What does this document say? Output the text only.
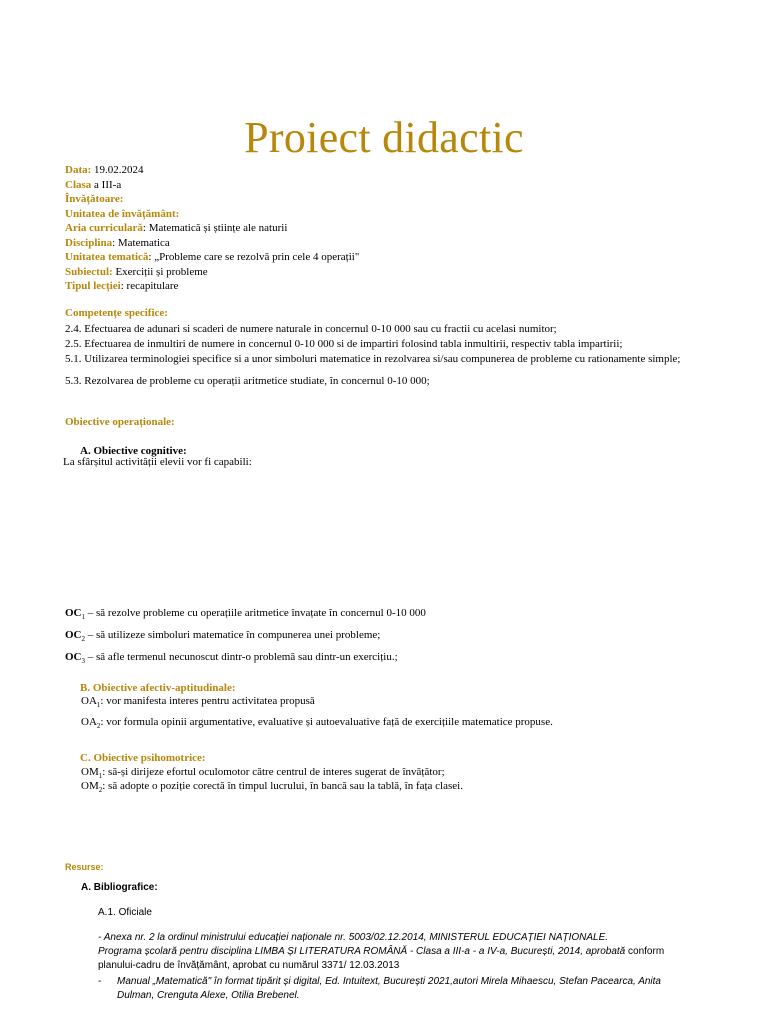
Proiect didactic
Data: 19.02.2024
Clasa a III-a
Învățătoare:
Unitatea de învățământ:
Aria curriculară: Matematică și științe ale naturii
Disciplina: Matematica
Unitatea tematică: „Probleme care se rezolvă prin cele 4 operații"
Subiectul: Exerciții și probleme
Tipul lecției: recapitulare
Competențe specifice:
2.4. Efectuarea de adunari si scaderi de numere naturale in concernul 0-10 000 sau cu fractii cu acelasi numitor;
2.5. Efectuarea de inmultiri de numere in concernul 0-10 000 si de impartiri folosind tabla inmultirii, respectiv tabla impartirii;
5.1. Utilizarea terminologiei specifice si a unor simboluri matematice in rezolvarea si/sau compunerea de probleme cu rationamente simple;
5.3. Rezolvarea de probleme cu operații aritmetice studiate, în concernul 0-10 000;
Obiective operaționale:
A. Obiective cognitive:
La sfârșitul activității elevii vor fi capabili:
$OC_1$ – să rezolve probleme cu operațiile aritmetice învațate în concernul 0-10 000
$OC_2$ – să utilizeze simboluri matematice în compunerea unei probleme;
$OC_3$ – să afle termenul necunoscut dintr-o problemă sau dintr-un exercițiu.;
B. Obiective afectiv-aptitudinale:
$OA_1$: vor manifesta interes pentru activitatea propusă
$OA_2$: vor formula opinii argumentative, evaluative și autoevaluative față de exercițiile matematice propuse.
C. Obiective psihomotrice:
$OM_1$: să-și dirijeze efortul oculomotor către centrul de interes sugerat de învățător;
$OM_2$: să adopte o poziție corectă în timpul lucrului, în bancă sau la tablă, în fața clasei.
Resurse:
A. Bibliografice:
A.1. Oficiale
- Anexa nr. 2 la ordinul ministrului educației naționale nr. 5003/02.12.2014, MINISTERUL EDUCAȚIEI NAȚIONALE.
Programa școlară pentru disciplina LIMBA ȘI LITERATURA ROMÂNĂ - Clasa a III-a - a IV-a, București, 2014, aprobată conform
planului-cadru de învățământ, aprobat cu numărul 3371/ 12.03.2013
- Manual „Matematică" în format tipărit și digital, Ed. Intuitext, București 2021,autori Mirela Mihaescu, Stefan Pacearca, Anita
Dulman, Crenguta Alexe, Otilia Brebenel.
